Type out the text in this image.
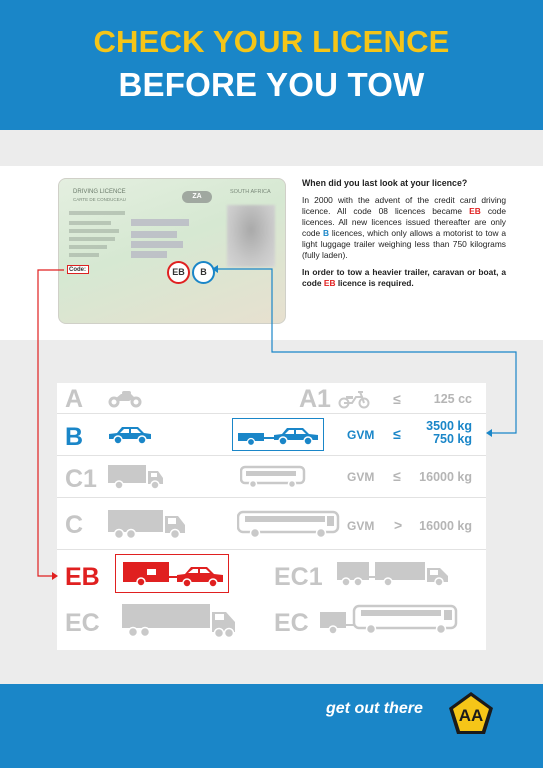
CHECK YOUR LICENCE
BEFORE YOU TOW
DRIVING LICENCE
CARTE DE CONDUCEAU	ZA
SOUTH AFRICA
Code:	EB	B
When did you last look at your licence?

In 2000 with the advent of the credit card driving licence. All code 08 licences became EB code licences. All new licences issued thereafter are only code B licences, which only allows a motorist to tow a light luggage trailer weighing less than 750 kilograms (fully laden).

In order to tow a heavier trailer, caravan or boat, a code EB licence is required.

A	A1	≤	125 cc
B	GVM ≤	3500 kg
750 kg
C1	GVM ≤	16000 kg
C	GVM >	16000 kg
EB	EC1
EC	EC
get out there AA
